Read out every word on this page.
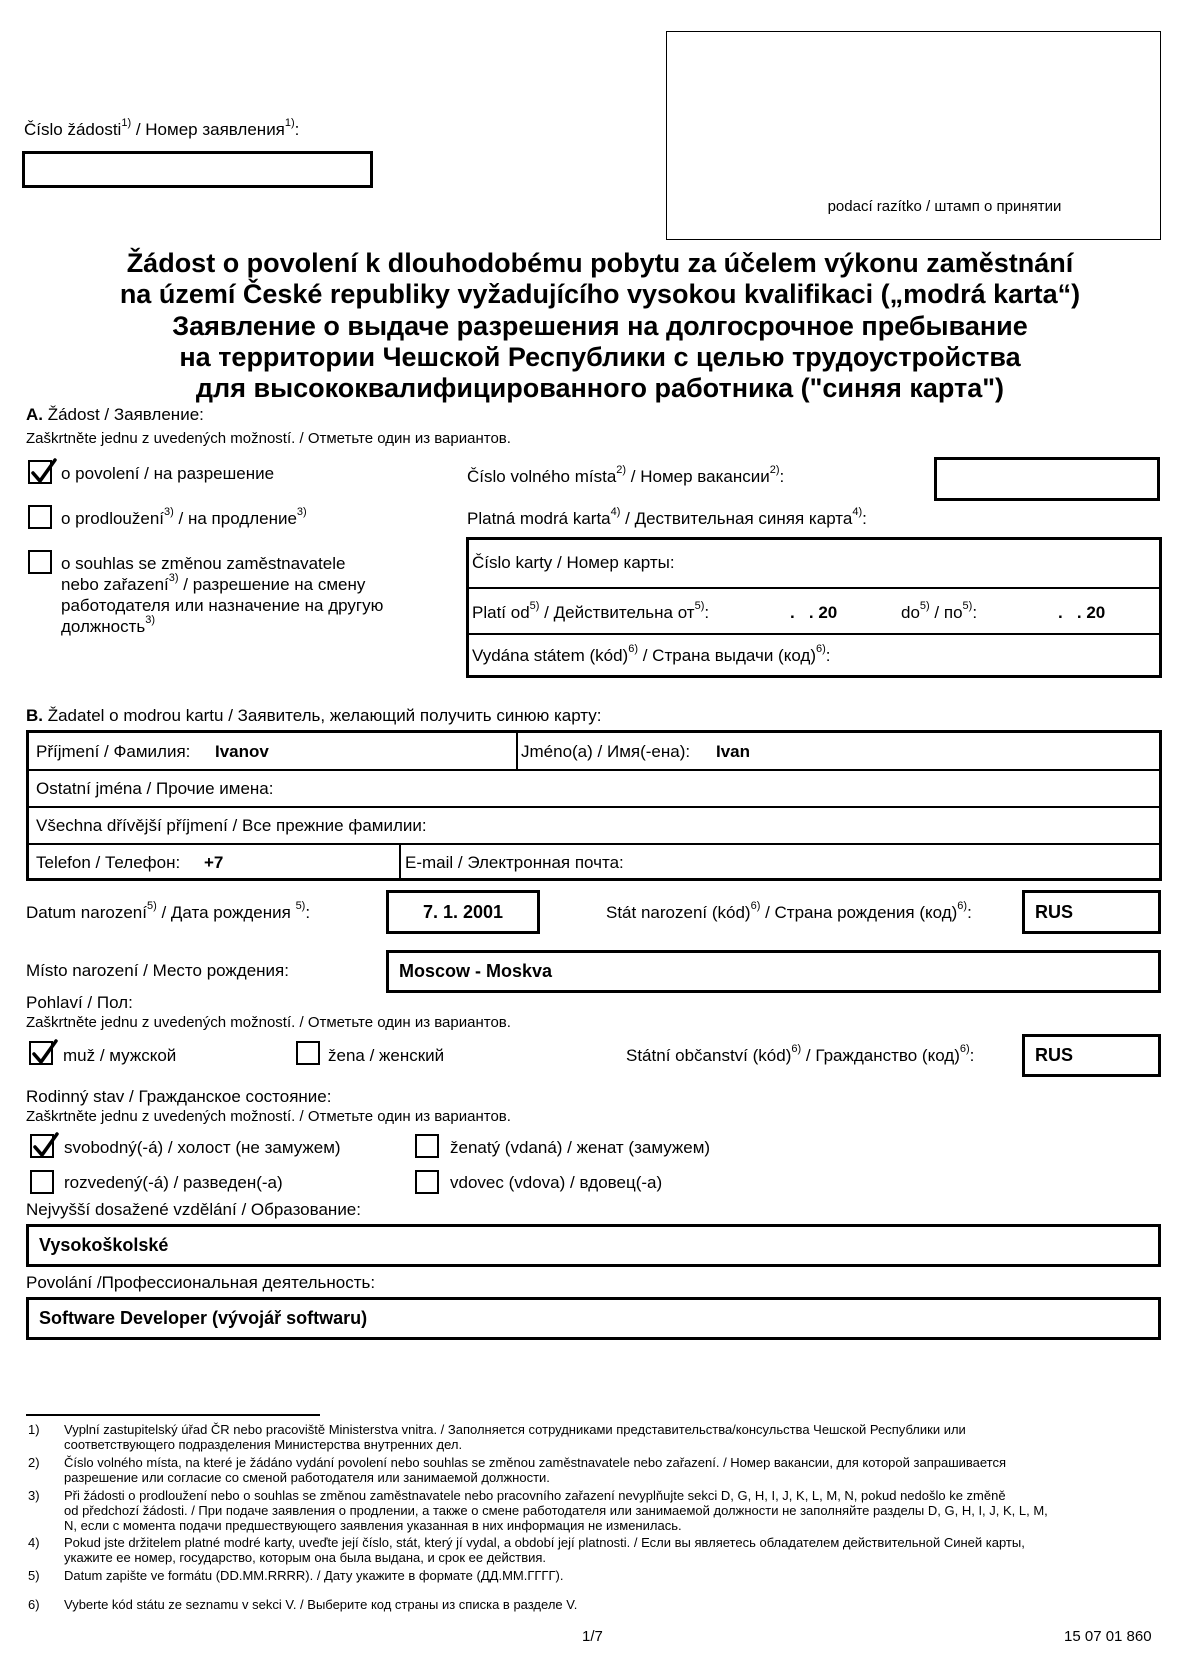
Číslo žádosti$^{1)}$ / Номер заявления$^{1)}$:
podací razítko / штамп о принятии
Žádost o povolení k dlouhodobému pobytu za účelem výkonu zaměstnání
na území České republiky vyžadujícího vysokou kvalifikaci („modrá karta“)
Заявление о выдаче разрешения на долгосрочное пребывание
на территории Чешской Республики с целью трудоустройства
для высококвалифицированного работника ("синяя карта")
A. Žádost / Заявление:
Zaškrtněte jednu z uvedených možností. / Отметьте один из вариантов.
o povolení / на разрешение
o prodloužení$^{3)}$ / на продление$^{3)}$
o souhlas se změnou zaměstnavatele
nebo zařazení$^{3)}$ / разрешение на смену
работодателя или назначение на другую
должность$^{3)}$
Číslo volného místa$^{2)}$ / Номер вакансии$^{2)}$:
Platná modrá karta$^{4)}$ / Дествительная синяя карта$^{4)}$:
Číslo karty / Номер карты:
Platí $od^{5)}$ / Действительна $от^{5)}$:	.   . 20	$do^{5)} / по^{5)}$:	.   . 20
Vydána státem (kód)$^{6)}$ / Страна выдачи (код)$^{6)}$:
B. Žadatel o modrou kartu / Заявитель, желающий получить синюю карту:
Příjmení / Фамилия: Ivanov	Jméno(a) / Имя(-ена): Ivan
Ostatní jména / Прочие имена:
Všechna dřívější příjmení / Все прежние фамилии:
Telefon / Телефон: +7	E-mail / Электронная почта:
Datum narození$^{5)}$ / Дата рождения $^{5)}$:	7. 1. 2001	Stát narození (kód)$^{6)}$ / Страна рождения (код)$^{6)}$:	RUS
Místo narození / Место рождения:	Moscow - Moskva
Pohlaví / Пол:
Zaškrtněte jednu z uvedených možností. / Отметьте один из вариантов.
muž / мужской	žena / женский	Státní občanství (kód)$^{6)}$ / Гражданство (код)$^{6)}$:	RUS
Rodinný stav / Гражданское состояние:
Zaškrtněte jednu z uvedených možností. / Отметьте один из вариантов.
svobodný(-á) / холост (не замужем)	ženatý (vdaná) / женат (замужем)
rozvedený(-á) / разведен(-а)	vdovec (vdova) / вдовец(-а)
Nejvyšší dosažené vzdělání / Образование:
Vysokoškolské
Povolání /Профессиональная деятельность:
Software Developer (vývojář softwaru)
1) Vyplní zastupitelský úřad ČR nebo pracoviště Ministerstva vnitra. / Заполняется сотрудниками представительства/консульства Чешской Республики или
соответствующего подразделения Министерства внутренних дел.
2) Číslo volného místa, na které je žádáno vydání povolení nebo souhlas se změnou zaměstnavatele nebo zařazení. / Номер вакансии, для которой запрашивается
разрешение или согласие со сменой работодателя или занимаемой должности.
3) Při žádosti o prodloužení nebo o souhlas se změnou zaměstnavatele nebo pracovního zařazení nevyplňujte sekci D, G, H, I, J, K, L, M, N, pokud nedošlo ke změně
od předchozí žádosti. / При подаче заявления о продлении, а также о смене работодателя или занимаемой должности не заполняйте разделы D, G, H, I, J, K, L, M,
N, если с момента подачи предшествующего заявления указанная в них информация не изменилась.
4) Pokud jste držitelem platné modré karty, uveďte její číslo, stát, který jí vydal, a období její platnosti. / Если вы являетесь обладателем действительной Синей карты,
укажите ее номер, государство, которым она была выдана, и срок ее действия.
5) Datum zapište ve formátu (DD.MM.RRRR). / Дату укажите в формате (ДД.ММ.ГГГГ).
6) Vyberte kód státu ze seznamu v sekci V. / Выберите код страны из списка в разделе V.
1/7	15 07 01 860
